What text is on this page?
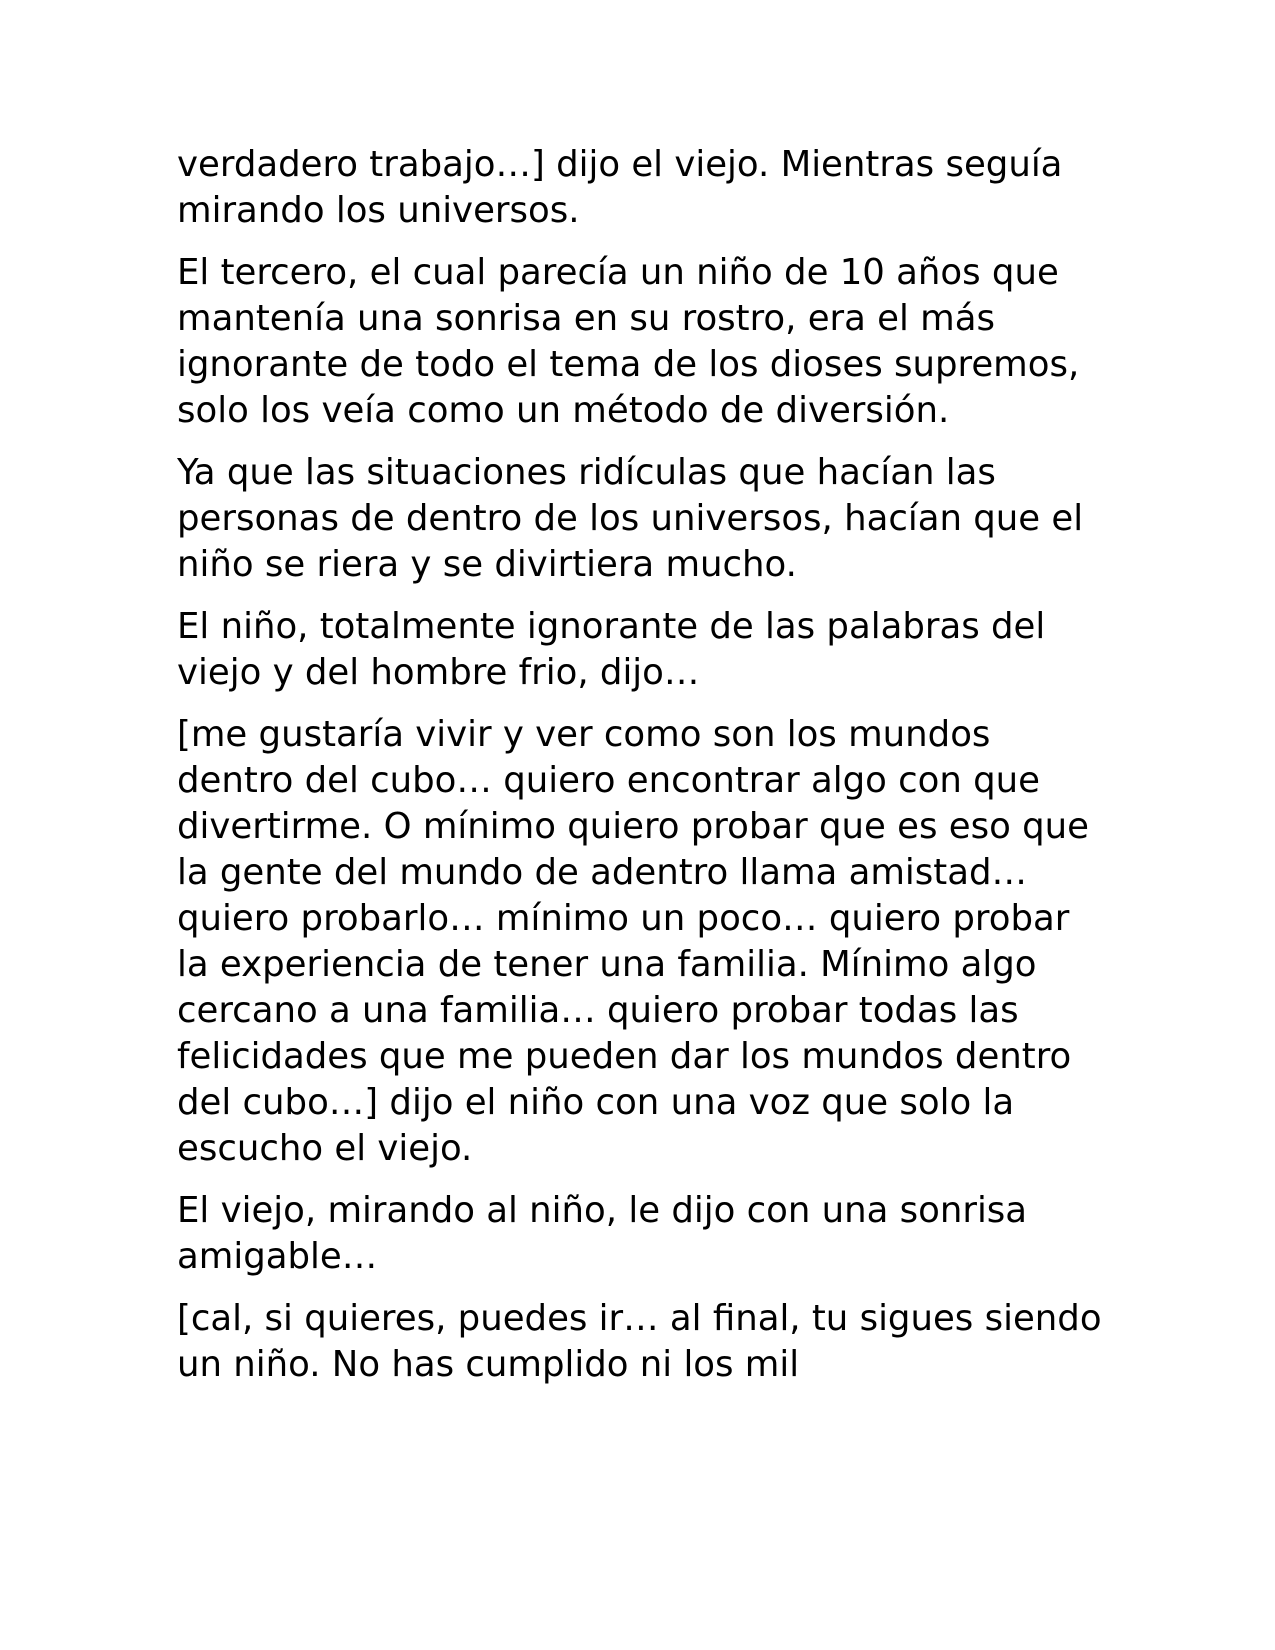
verdadero trabajo…] dijo el viejo. Mientras seguía mirando los universos.

El tercero, el cual parecía un niño de 10 años que mantenía una sonrisa en su rostro, era el más ignorante de todo el tema de los dioses supremos, solo los veía como un método de diversión.

Ya que las situaciones ridículas que hacían las personas de dentro de los universos, hacían que el niño se riera y se divirtiera mucho.

El niño, totalmente ignorante de las palabras del viejo y del hombre frio, dijo…

[me gustaría vivir y ver como son los mundos dentro del cubo… quiero encontrar algo con que divertirme. O mínimo quiero probar que es eso que la gente del mundo de adentro llama amistad… quiero probarlo… mínimo un poco… quiero probar la experiencia de tener una familia. Mínimo algo cercano a una familia… quiero probar todas las felicidades que me pueden dar los mundos dentro del cubo…] dijo el niño con una voz que solo la escucho el viejo.

El viejo, mirando al niño, le dijo con una sonrisa amigable…

[cal, si quieres, puedes ir… al final, tu sigues siendo un niño. No has cumplido ni los mil
